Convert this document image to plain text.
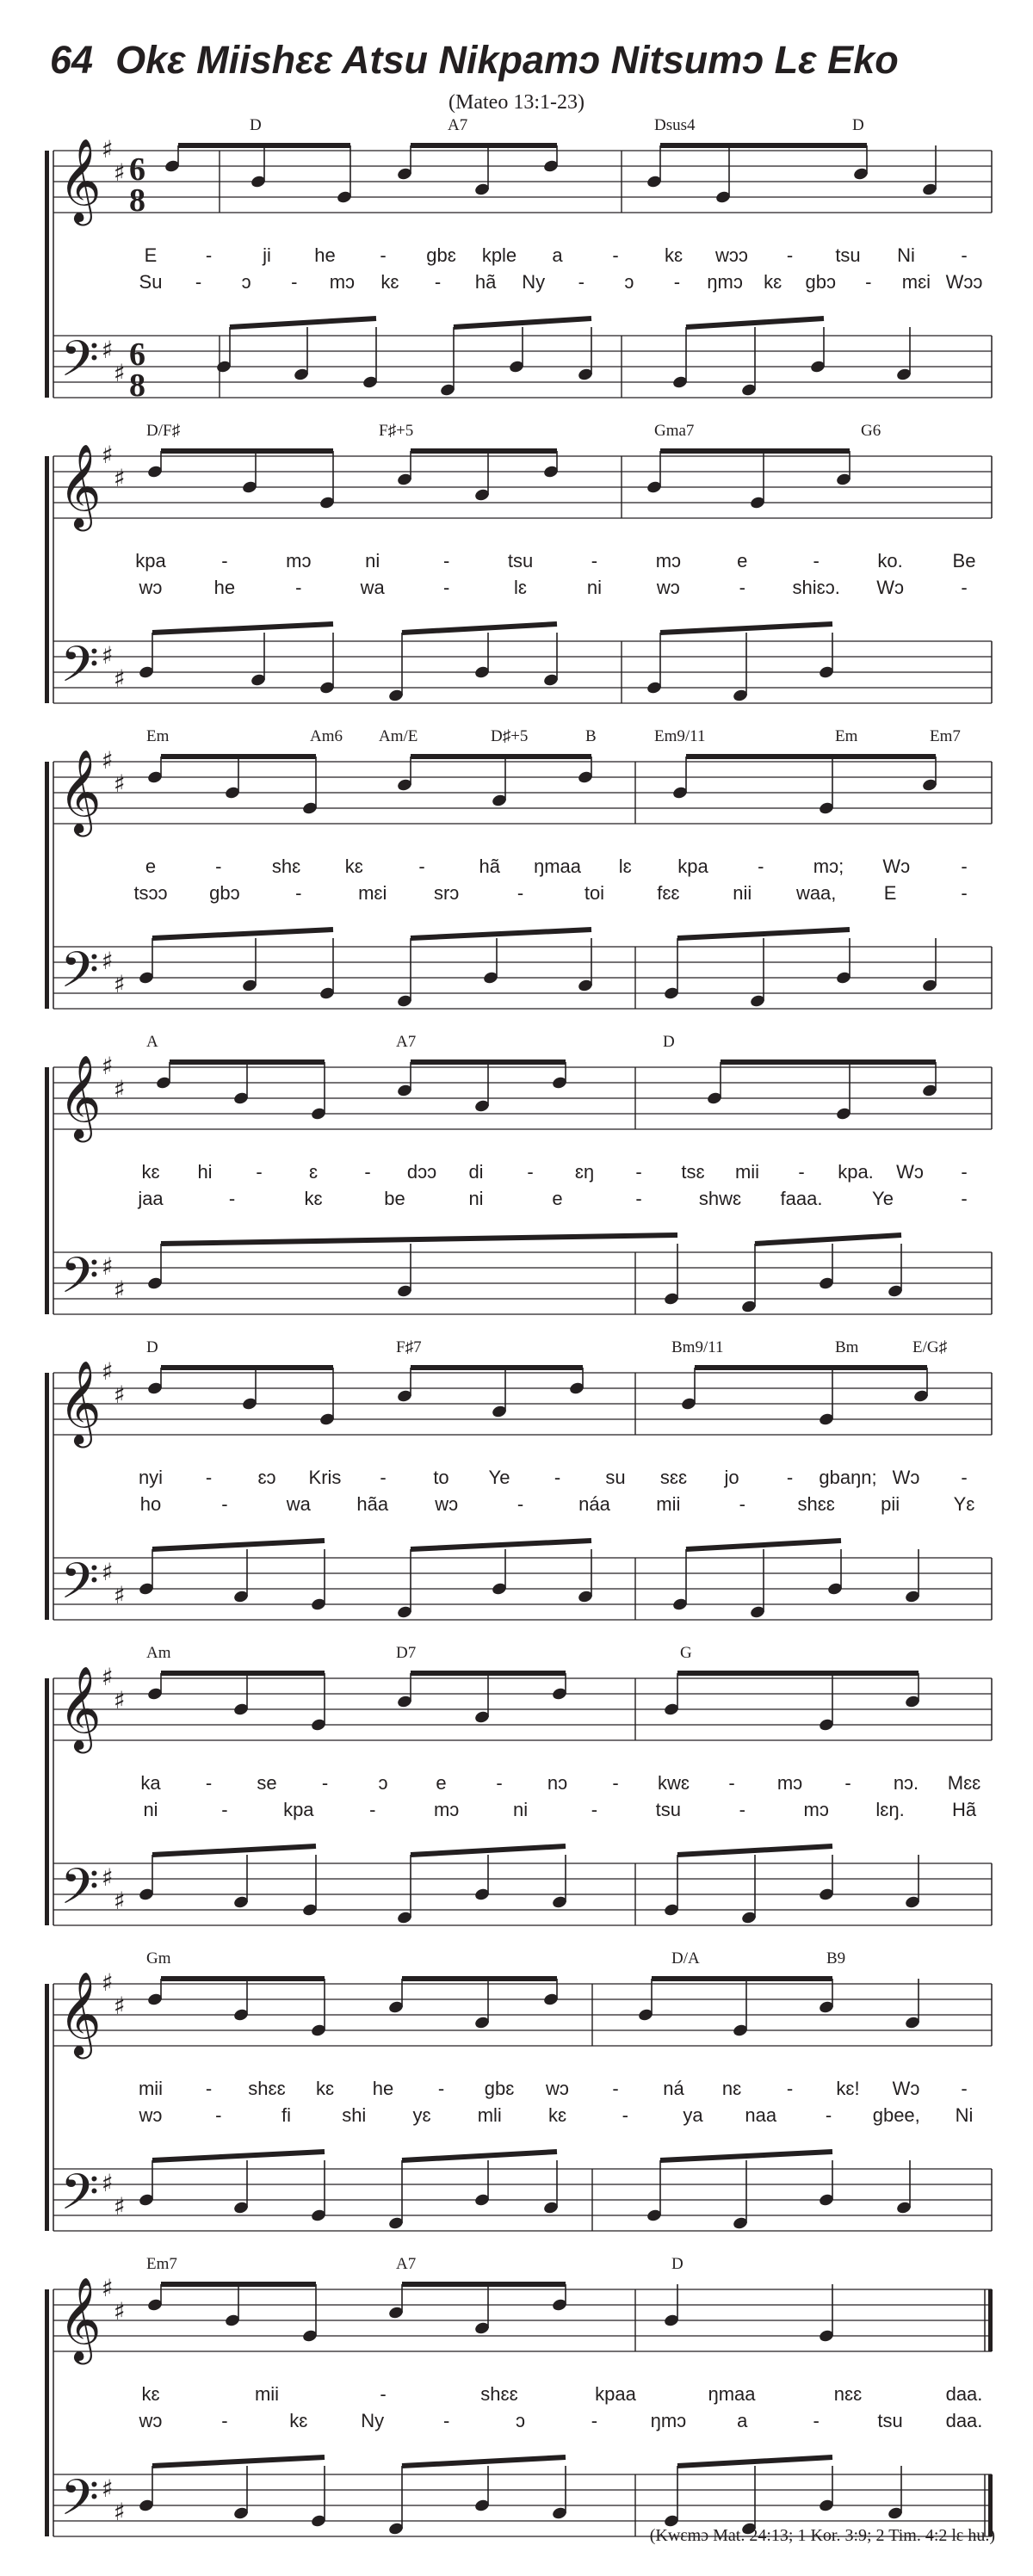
64 Okɛ Miishɛɛ Atsu Nikpamɔ Nitsumɔ Lɛ Eko
(Mateo 13:1-23)
𝄞
𝄢
♯
♯
♯
♯
6
8
6
8
D	A7	Dsus4	D
E	-	ji he - gbɛ kple a	- kɛ wɔɔ - tsu Ni -
Su - ɔ - mɔ kɛ - hã Ny - ɔ - ŋmɔ kɛ gbɔ - mɛi Wɔɔ
𝄞
𝄢
♯
♯
♯
♯
D/F♯	F♯+5	Gma7	G6
kpa	-	mɔ	ni	-	tsu	-	mɔ	e	-	ko.	Be
wɔ	he	-	wa	-	lɛ	ni	wɔ	- shiɛɔ. Wɔ	-
𝄞
𝄢
♯
♯
♯
♯
Em	Am6 Am/E	D♯+5	B	Em9/11	Em	Em7
e	-	shɛ kɛ	-	hã ŋmaa lɛ kpa	-	mɔ; Wɔ	-
tsɔɔ gbɔ	-	mɛi srɔ	-	toi	fɛɛ	nii waa,	E	-
𝄞
𝄢
♯
♯
♯
♯
A	A7	D
kɛ hi - ɛ - dɔɔ di - ɛŋ - tsɛ mii - kpa. Wɔ -
jaa	-	kɛ	be	ni	e	-	shwɛ faaa.	Ye	-
𝄞
𝄢
♯
♯
♯
♯
D	F♯7	Bm9/11	Bm	E/G♯
nyi - ɛɔ Kris - to Ye - su sɛɛ jo	- gbaŋn; Wɔ -
ho	-	wa hãa wɔ	-	náa mii	-	shɛɛ pii	Yɛ
𝄞
𝄢
♯
♯
♯
♯
Am	D7	G
ka - se -	ɔ	e	- nɔ - kwɛ - mɔ - nɔ. Mɛɛ
ni	-	kpa	-	mɔ	ni	-	tsu	-	mɔ lɛŋ.	Hã
𝄞
𝄢
♯
♯
♯
♯
Gm	D/A	B9
mii - shɛɛ kɛ he - gbɛ wɔ - ná nɛ - kɛ! Wɔ -
wɔ	-	fi	shi yɛ mli kɛ	-	ya naa	- gbee, Ni
𝄞
𝄢
♯
♯
♯
♯
Em7	A7	D
kɛ	mii	-	shɛɛ	kpaa	ŋmaa	nɛɛ	daa.
wɔ	-	kɛ	Ny	-	ɔ	-	ŋmɔ	a	-	tsu daa.
(Kwɛmɔ Mat. 24:13; 1 Kor. 3:9; 2 Tim. 4:2 lɛ hu.)
